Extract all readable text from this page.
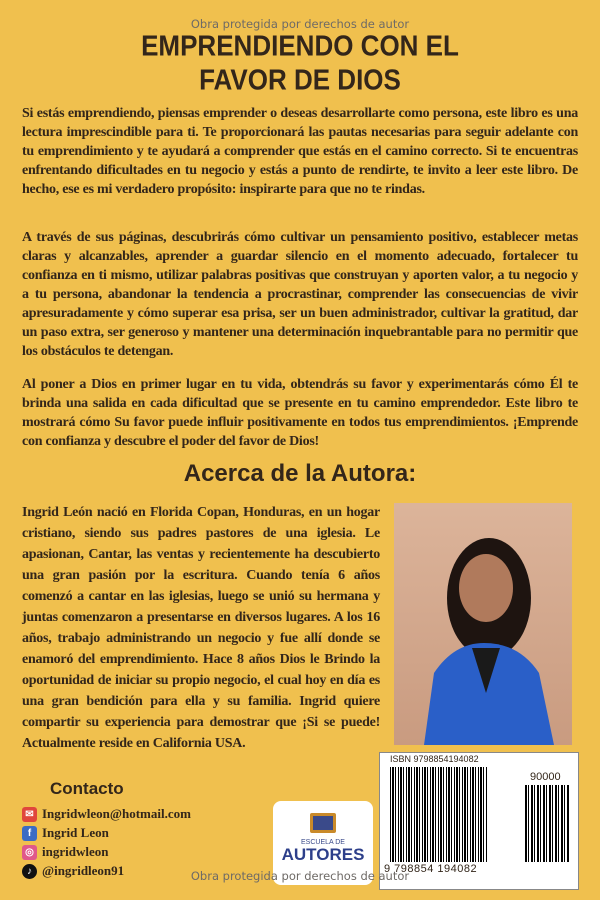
Obra protegida por derechos de autor
EMPRENDIENDO CON EL
FAVOR DE DIOS

Si estás emprendiendo, piensas emprender o deseas desarrollarte como persona, este libro es una lectura imprescindible para ti. Te proporcionará las pautas necesarias para seguir adelante con tu emprendimiento y te ayudará a comprender que estás en el camino correcto. Si te encuentras enfrentando dificultades en tu negocio y estás a punto de rendirte, te invito a leer este libro. De hecho, ese es mi verdadero propósito: inspirarte para que no te rindas.

A través de sus páginas, descubrirás cómo cultivar un pensamiento positivo, establecer metas claras y alcanzables, aprender a guardar silencio en el momento adecuado, fortalecer tu confianza en ti mismo, utilizar palabras positivas que construyan y aporten valor, a tu negocio y a tu persona, abandonar la tendencia a procrastinar, comprender las consecuencias de vivir apresuradamente y cómo superar esa prisa, ser un buen administrador, cultivar la gratitud, dar un paso extra, ser generoso y mantener una determinación inquebrantable para no permitir que los obstáculos te detengan.

Al poner a Dios en primer lugar en tu vida, obtendrás su favor y experimentarás cómo Él te brinda una salida en cada dificultad que se presente en tu camino emprendedor. Este libro te mostrará cómo Su favor puede influir positivamente en todos tus emprendimientos. ¡Emprende con confianza y descubre el poder del favor de Dios!

Acerca de la Autora:

Ingrid León nació en Florida Copan, Honduras, en un hogar cristiano, siendo sus padres pastores de una iglesia. Le apasionan, Cantar, las ventas y recientemente ha descubierto una gran pasión por la escritura. Cuando tenía 6 años comenzó a cantar en las iglesias, luego se unió su hermana y juntas comenzaron a presentarse en diversos lugares. A los 16 años, trabajo administrando un negocio y fue allí donde se enamoró del emprendimiento. Hace 8 años Dios le Brindo la oportunidad de iniciar su propio negocio, el cual hoy en día es una gran bendición para ella y su familia. Ingrid quiere compartir su experiencia para demostrar que ¡Si se puede! Actualmente reside en California USA.

Contacto
✉ Ingridwleon@hotmail.com
f Ingrid Leon
◎ ingridwleon
♪ @ingridleon91
ESCUELA DE
AUTORES
ISBN 9798854194082
90000
9 798854 194082
Obra protegida por derechos de autor
